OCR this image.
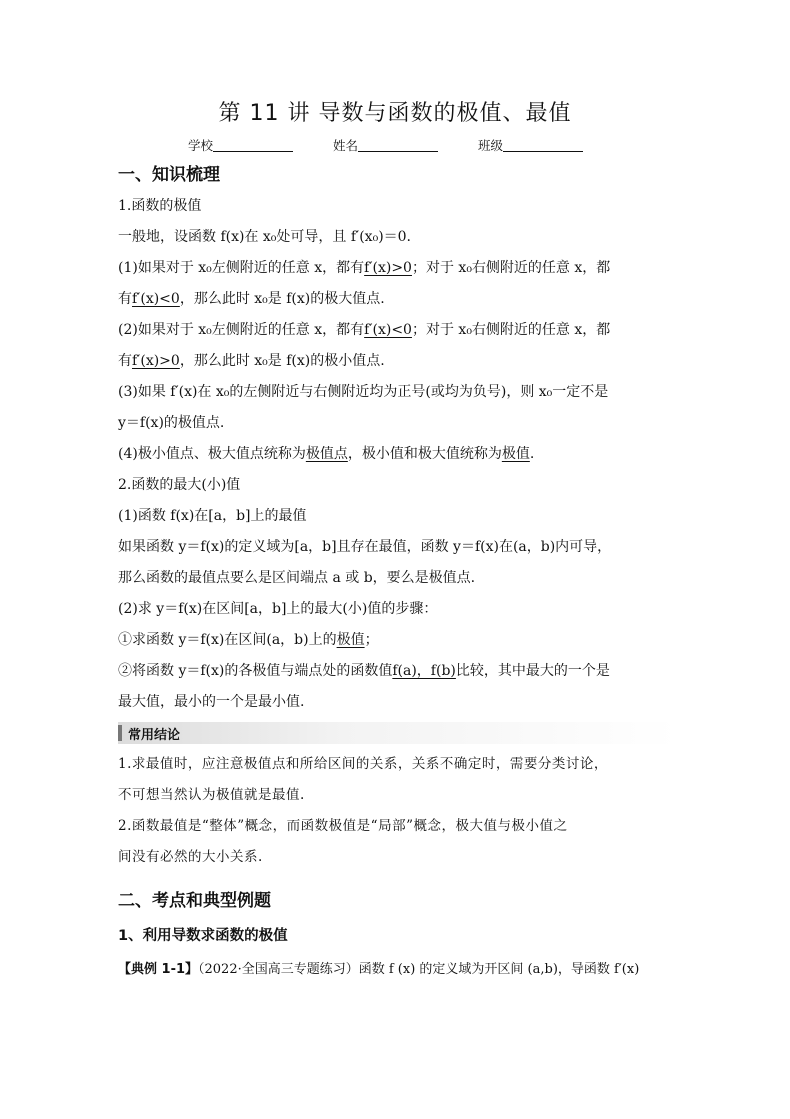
第 11 讲 导数与函数的极值、最值
学校	姓名	班级
一、知识梳理
1.函数的极值
一般地，设函数 f(x)在 x₀处可导，且 f′(x₀)＝0.
(1)如果对于 x₀左侧附近的任意 x，都有f′(x)>0；对于 x₀右侧附近的任意 x，都
有f′(x)<0，那么此时 x₀是 f(x)的极大值点.
(2)如果对于 x₀左侧附近的任意 x，都有f′(x)<0；对于 x₀右侧附近的任意 x，都
有f′(x)>0，那么此时 x₀是 f(x)的极小值点.
(3)如果 f′(x)在 x₀的左侧附近与右侧附近均为正号(或均为负号)，则 x₀一定不是
y＝f(x)的极值点.
(4)极小值点、极大值点统称为极值点，极小值和极大值统称为极值.
2.函数的最大(小)值
(1)函数 f(x)在[a，b]上的最值
如果函数 y＝f(x)的定义域为[a，b]且存在最值，函数 y＝f(x)在(a，b)内可导，
那么函数的最值点要么是区间端点 a 或 b，要么是极值点.
(2)求 y＝f(x)在区间[a，b]上的最大(小)值的步骤：
①求函数 y＝f(x)在区间(a，b)上的极值；
②将函数 y＝f(x)的各极值与端点处的函数值f(a)，f(b)比较，其中最大的一个是
最大值，最小的一个是最小值.
常用结论
1.求最值时，应注意极值点和所给区间的关系，关系不确定时，需要分类讨论，
不可想当然认为极值就是最值.
2.函数最值是“整体”概念，而函数极值是“局部”概念，极大值与极小值之
间没有必然的大小关系.
二、考点和典型例题
1、利用导数求函数的极值
【典例 1-1】（2022·全国高三专题练习）函数 f (x) 的定义域为开区间 (a,b)，导函数 f′(x)
